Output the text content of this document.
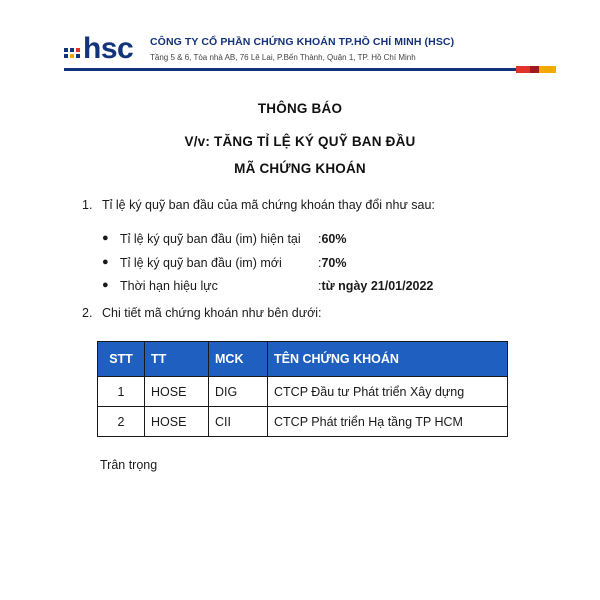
hsc CÔNG TY CỔ PHẦN CHỨNG KHOÁN TP.HỒ CHÍ MINH (HSC)
Tầng 5 & 6, Tòa nhà AB, 76 Lê Lai, P.Bến Thành, Quận 1, TP. Hồ Chí Minh
THÔNG BÁO
V/v: TĂNG TỈ LỆ KÝ QUỸ BAN ĐẦU
MÃ CHỨNG KHOÁN
1. Tỉ lệ ký quỹ ban đầu của mã chứng khoán thay đổi như sau:
● Tỉ lệ ký quỹ ban đầu (im) hiện tại	: 60%
● Tỉ lệ ký quỹ ban đầu (im) mới	: 70%
● Thời hạn hiệu lực	: từ ngày 21/01/2022
2. Chi tiết mã chứng khoán như bên dưới:
STT	TT	MCK	TÊN CHỨNG KHOÁN
1	HOSE	DIG	CTCP Đầu tư Phát triển Xây dựng
2	HOSE	CII	CTCP Phát triển Hạ tầng TP HCM
Trân trọng
